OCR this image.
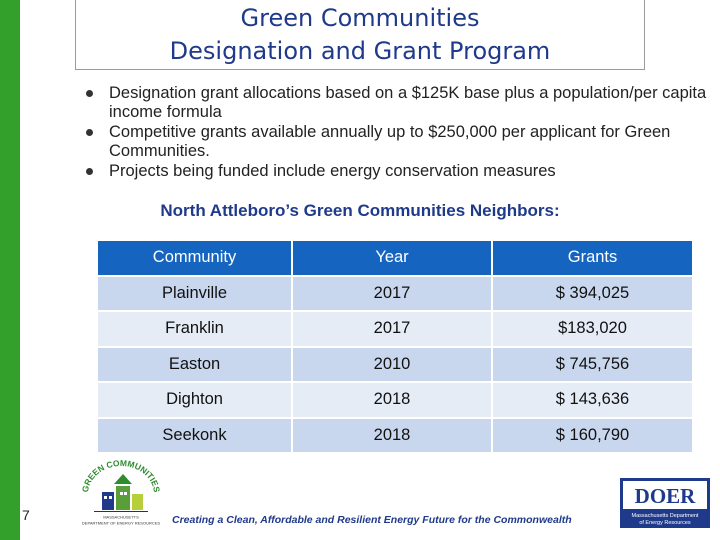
Green Communities
Designation and Grant Program
Designation grant allocations based on a $125K base plus a population/per capita income formula
Competitive grants available annually up to $250,000 per applicant for Green Communities.
Projects being funded include energy conservation measures
North Attleboro’s Green Communities Neighbors:
Community	Year	Grants
Plainville	2017	$ 394,025
Franklin	2017	$183,020
Easton	2010	$ 745,756
Dighton	2018	$ 143,636
Seekonk	2018	$ 160,790
7
GREEN COMMUNITIES
MASSACHUSETTS
DEPARTMENT OF ENERGY RESOURCES Creating a Clean, Affordable and Resilient Energy Future for the Commonwealth
DOER
Massachusetts Department
of Energy Resources
